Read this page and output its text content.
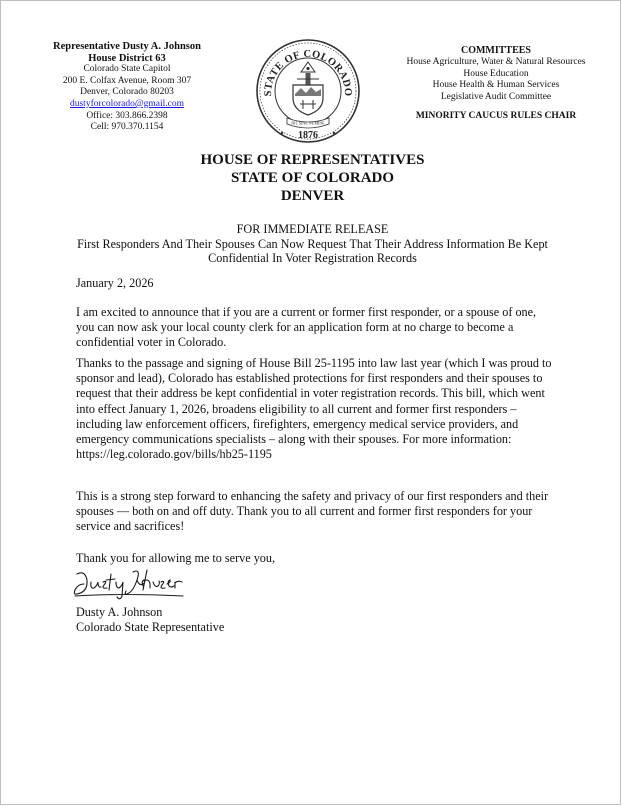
Representative Dusty A. Johnson
House District 63
Colorado State Capitol
200 E. Colfax Avenue, Room 307
Denver, Colorado 80203
dustyforcolorado@gmail.com
Office: 303.866.2398
Cell: 970.370.1154
STATE OF COLORADO
NIL SINE NUMINE
1876
COMMITTEES
House Agriculture, Water & Natural Resources
House Education
House Health & Human Services
Legislative Audit Committee
MINORITY CAUCUS RULES CHAIR
HOUSE OF REPRESENTATIVES
STATE OF COLORADO
DENVER
FOR IMMEDIATE RELEASE
First Responders And Their Spouses Can Now Request That Their Address Information Be Kept
Confidential In Voter Registration Records
January 2, 2026
I am excited to announce that if you are a current or former first responder, or a spouse of one, you can now ask your local county clerk for an application form at no charge to become a confidential voter in Colorado.
Thanks to the passage and signing of House Bill 25-1195 into law last year (which I was proud to sponsor and lead), Colorado has established protections for first responders and their spouses to request that their address be kept confidential in voter registration records. This bill, which went into effect January 1, 2026, broadens eligibility to all current and former first responders – including law enforcement officers, firefighters, emergency medical service providers, and emergency communications specialists – along with their spouses. For more information: https://leg.colorado.gov/bills/hb25-1195
This is a strong step forward to enhancing the safety and privacy of our first responders and their spouses — both on and off duty. Thank you to all current and former first responders for your service and sacrifices!
Thank you for allowing me to serve you,
Dusty A. Johnson
Colorado State Representative
